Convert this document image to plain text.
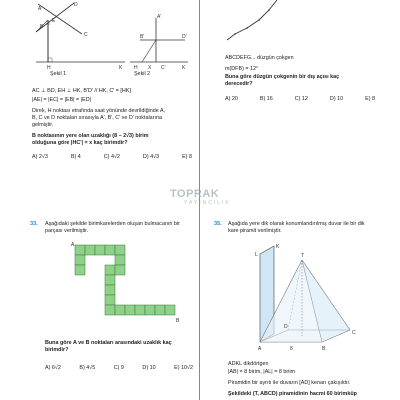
A
B
C
D
E
H	K
A'
B'	D'
H X C'	K
Şekil 1	Şekil 2
AC ⊥ BD, EH ⊥ HK, B'D' // HK, C' = [HK]
|AE| = |EC| = |EB| = |ED|
Direk, H noktası etrafında saat yönünde devrildiğinde A,
B, C ve D noktaları sırasıyla A', B', C' ve D' noktalarına
gelmiştir.
B noktasının yere olan uzaklığı (8 – 2√3) birim
olduğuna göre |HC'| = x kaç birimdir?
A) 2√3	B) 4	C) 4√2	D) 4√3	E) 8
ABCDEFG... düzgün çokgen
m(DFB) = 12°
Buna göre düzgün çokgenin bir dış açısı kaç
derecedir?
A) 20	B) 16	C) 12	D) 10	E) 8
TOPRAK
YAYINCILIK
33. Aşağıdaki şekilde birimkarelerden oluşan bulmacanın bir
parçası verilmiştir.
A
B
Buna göre A ve B noktaları arasındaki uzaklık kaç
birimdir?
A) 6√2	B) 4√5	C) 9	D) 10	E) 10√2
35. Aşağıda yere dik olarak konumlandırılmış duvar ile bir dik
kare piramit verilmiştir.
L
K
T
A	B
C
D
8
ADKL dikdörtgen
|AB| = 8 birim, |AL| = 8 birim
Piramidin bir ayrıtı ile duvarın [AD] kenarı çakışıktır.
Şekildeki (T, ABCD) piramidinin hacmi 60 birimküp
